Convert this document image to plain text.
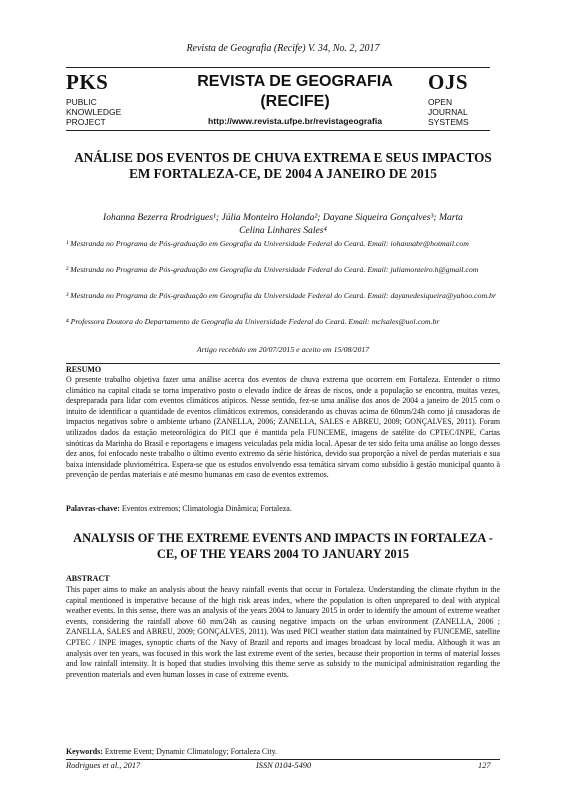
Revista de Geografia (Recife) V. 34, No. 2, 2017
PKS
PUBLIC
KNOWLEDGE
PROJECT
REVISTA DE GEOGRAFIA
(RECIFE)
http://www.revista.ufpe.br/revistageografia
OJS
OPEN
JOURNAL
SYSTEMS
ANÁLISE DOS EVENTOS DE CHUVA EXTREMA E SEUS IMPACTOS EM FORTALEZA-CE, DE 2004 A JANEIRO DE 2015
Iohanna Bezerra Rrodrigues¹; Júlia Monteiro Holanda²; Dayane Siqueira Gonçalves³; Marta
Celina Linhares Sales⁴
¹ Mestranda no Programa de Pós-graduação em Geografia da Universidade Federal do Ceará. Email: iohannabr@hotmail.com
² Mestranda no Programa de Pós-graduação em Geografia da Universidade Federal do Ceará. Email: juliamonteiro.h@gmail.com
³ Mestranda no Programa de Pós-graduação em Geografia da Universidade Federal do Ceará. Email: dayanedesiqueira@yahoo.com.br
⁴ Professora Doutora do Departamento de Geografia da Universidade Federal do Ceará. Email: mclsales@uol.com.br
Artigo recebido em 20/07/2015 e aceito em 15/08/2017
RESUMO
O presente trabalho objetiva fazer uma análise acerca dos eventos de chuva extrema que ocorrem em Fortaleza. Entender o ritmo climático na capital citada se torna imperativo posto o elevado índice de áreas de riscos, onde a população se encontra, muitas vezes, despreparada para lidar com eventos climáticos atípicos. Nesse sentido, fez-se uma análise dos anos de 2004 a janeiro de 2015 com o intuito de identificar a quantidade de eventos climáticos extremos, considerando as chuvas acima de 60mm/24h como já causadoras de impactos negativos sobre o ambiente urbano (ZANELLA, 2006; ZANELLA, SALES e ABREU, 2009; GONÇALVES, 2011). Foram utilizados dados da estação meteorológica do PICI que é mantida pela FUNCEME, imagens de satélite do CPTEC/INPE, Cartas sinóticas da Marinha do Brasil e reportagens e imagens veiculadas pela mídia local. Apesar de ter sido feita uma análise ao longo desses dez anos, foi enfocado neste trabalho o último evento extremo da série histórica, devido sua proporção a nível de perdas materiais e sua baixa intensidade pluviométrica. Espera-se que os estudos envolvendo essa temática sirvam como subsídio à gestão municipal quanto à prevenção de perdas materiais e até mesmo humanas em caso de eventos extremos.
Palavras-chave: Eventos extremos; Climatologia Dinâmica; Fortaleza.
ANALYSIS OF THE EXTREME EVENTS AND IMPACTS IN FORTALEZA - CE, OF THE YEARS 2004 TO JANUARY 2015
ABSTRACT
This paper aims to make an analysis about the heavy rainfall events that occur in Fortaleza. Understanding the climate rhythm in the capital mentioned is imperative because of the high risk areas index, where the population is often unprepared to deal with atypical weather events. In this sense, there was an analysis of the years 2004 to January 2015 in order to identify the amount of extreme weather events, considering the rainfall above 60 mm/24h as causing negative impacts on the urban environment (ZANELLA, 2006 ; ZANELLA, SALES and ABREU, 2009; GONÇALVES, 2011). Was used PICI weather station data maintained by FUNCEME, satellite CPTEC / INPE images, synoptic charts of the Navy of Brazil and reports and images broadcast by local media. Although it was an analysis over ten years, was focused in this work the last extreme event of the series, because their proportion in terms of material losses and low rainfall intensity. It is hoped that studies involving this theme serve as subsidy to the municipal administration regarding the prevention materials and even human losses in case of extreme events.
Keywords: Extreme Event; Dynamic Climatology; Fortaleza City.
Rodrigues et al., 2017	ISSN 0104-5490	127
